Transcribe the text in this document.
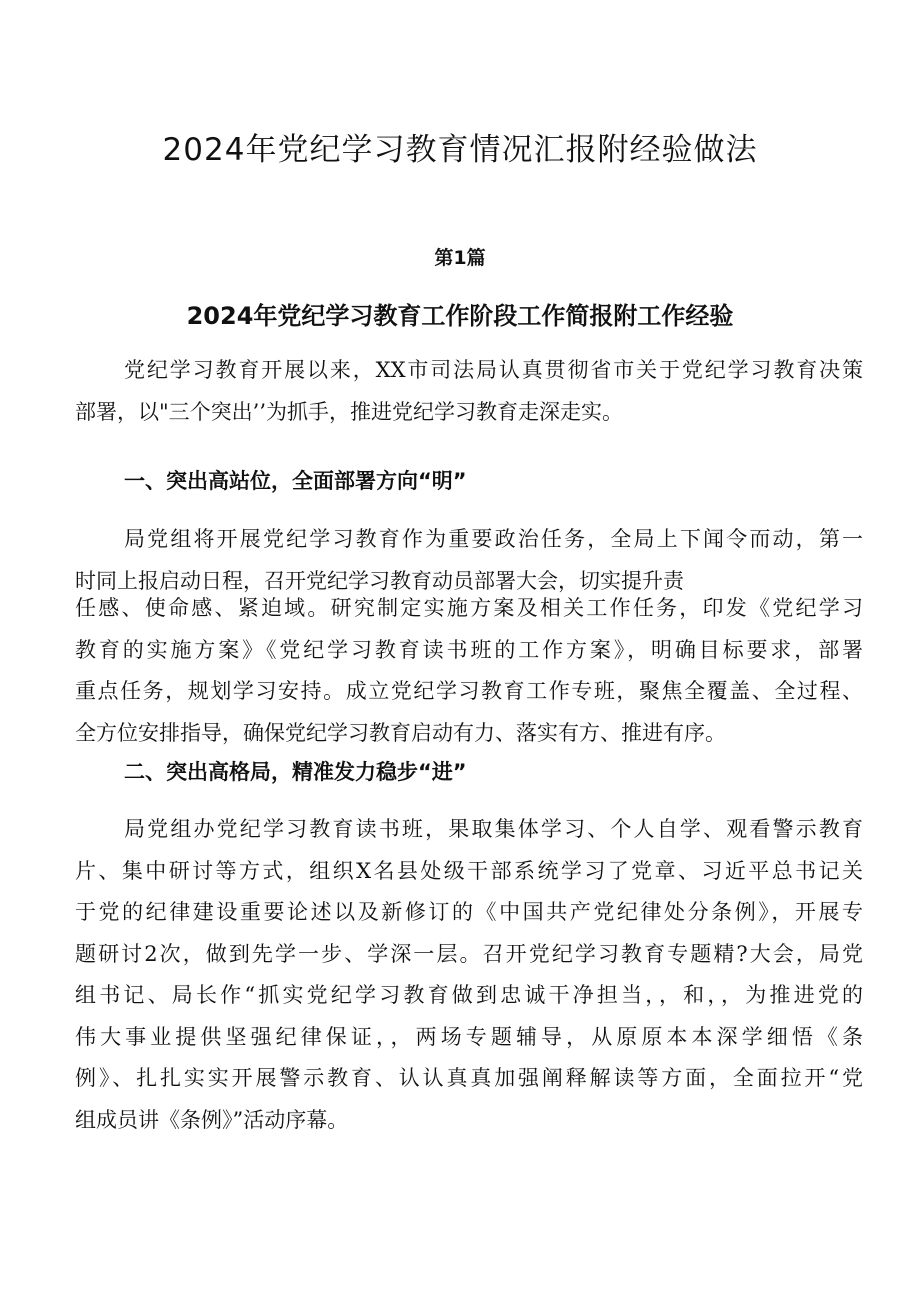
2024年党纪学习教育情况汇报附经验做法
第1篇
2024年党纪学习教育工作阶段工作简报附工作经验
党纪学习教育开展以来，XX市司法局认真贯彻省市关于党纪学习教育决策
部署，以"三个突出’’为抓手，推进党纪学习教育走深走实。
一、突出高站位，全面部署方向“明”
局党组将开展党纪学习教育作为重要政治任务，全局上下闻令而动，第一
时同上报启动日程，召开党纪学习教育动员部署大会，切实提升责
任感、使命感、紧迫域。研究制定实施方案及相关工作任务，印发《党纪学习
教育的实施方案》《党纪学习教育读书班的工作方案》，明确目标要求，部署
重点任务，规划学习安持。成立党纪学习教育工作专班，聚焦全覆盖、全过程、
全方位安排指导，确保党纪学习教育启动有力、落实有方、推进有序。
二、突出高格局，精准发力稳步“进”
局党组办党纪学习教育读书班，果取集体学习、个人自学、观看警示教育
片、集中研讨等方式，组织X名县处级干部系统学习了党章、习近平总书记关
于党的纪律建设重要论述以及新修订的《中国共产党纪律处分条例》，开展专
题研讨2次，做到先学一步、学深一层。召开党纪学习教育专题精?大会，局党
组书记、局长作“抓实党纪学习教育做到忠诚干净担当，，和，，为推进党的
伟大事业提供坚强纪律保证，，两场专题辅导，从原原本本深学细悟《条
例》、扎扎实实开展警示教育、认认真真加强阐释解读等方面，全面拉开“党
组成员讲《条例》”活动序幕。
